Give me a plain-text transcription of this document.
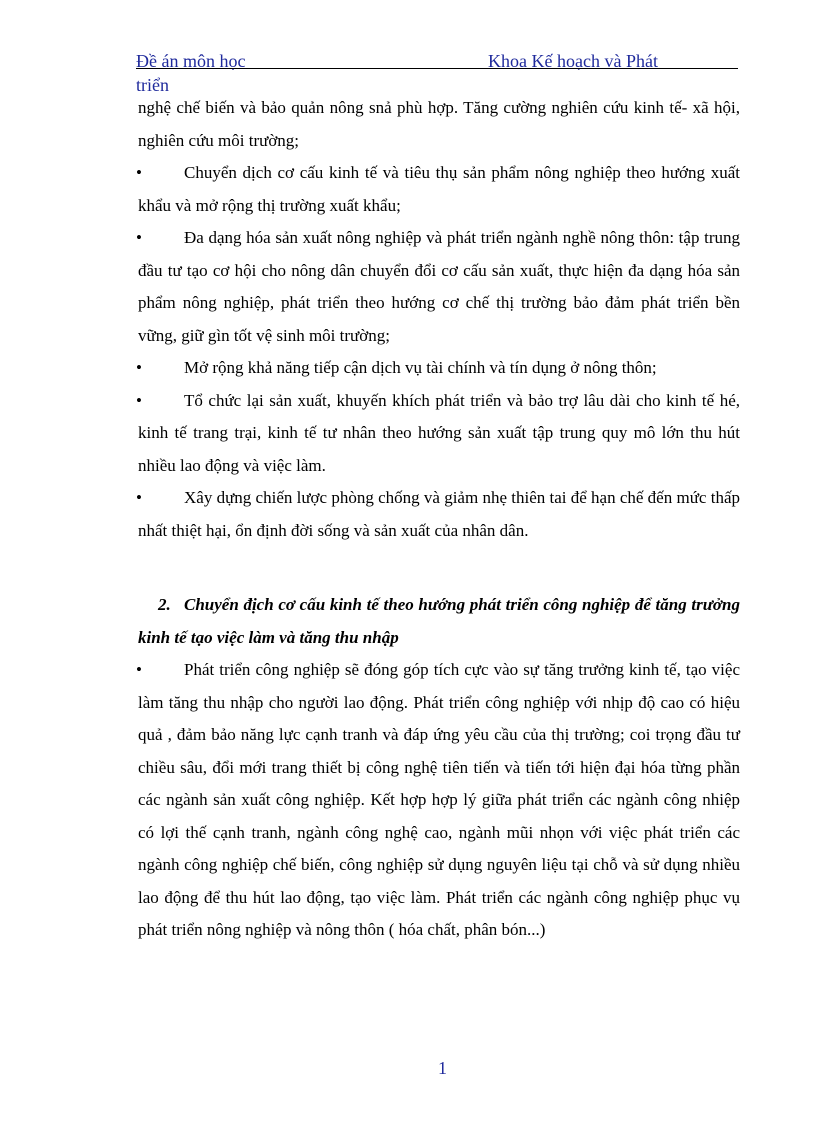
Đề án môn học	Khoa Kế hoạch và Phát
triển

nghệ chế biến và bảo quản nông snả phù hợp. Tăng cường nghiên cứu kinh tế- xã hội, nghiên cứu môi trường;

• Chuyển dịch cơ cấu kinh tế và tiêu thụ sản phẩm nông nghiệp theo hướng xuất khẩu và mở rộng thị trường xuất khẩu;

• Đa dạng hóa sản xuất nông nghiệp và phát triển ngành nghề nông thôn: tập trung đầu tư tạo cơ hội cho nông dân chuyển đổi cơ cấu sản xuất, thực hiện đa dạng hóa sản phẩm nông nghiệp, phát triển theo hướng cơ chế thị trường bảo đảm phát triển bền vững, giữ gìn tốt vệ sinh môi trường;

• Mở rộng khả năng tiếp cận dịch vụ tài chính và tín dụng ở nông thôn;

• Tổ chức lại sản xuất, khuyến khích phát triển và bảo trợ lâu dài cho kinh tế hé, kinh tế trang trại, kinh tế tư nhân theo hướng sản xuất tập trung quy mô lớn thu hút nhiều lao động và việc làm.

• Xây dựng chiến lược phòng chống và giảm nhẹ thiên tai để hạn chế đến mức thấp nhất thiệt hại, ổn định đời sống và sản xuất của nhân dân.

2. Chuyển địch cơ cấu kinh tế theo hướng phát triển công nghiệp để tăng trưởng kinh tế tạo việc làm và tăng thu nhập

• Phát triển công nghiệp sẽ đóng góp tích cực vào sự tăng trưởng kinh tế, tạo việc làm tăng thu nhập cho người lao động. Phát triển công nghiệp với nhịp độ cao có hiệu quả , đảm bảo năng lực cạnh tranh và đáp ứng yêu cầu của thị trường; coi trọng đầu tư chiều sâu, đổi mới trang thiết bị công nghệ tiên tiến và tiến tới hiện đại hóa từng phần các ngành sản xuất công nghiệp. Kết hợp hợp lý giữa phát triển các ngành công nhiệp có lợi thế cạnh tranh, ngành công nghệ cao, ngành mũi nhọn với việc phát triển các ngành công nghiệp chế biến, công nghiệp sử dụng nguyên liệu tại chỗ và sử dụng nhiều lao động để thu hút lao động, tạo việc làm. Phát triển các ngành công nghiệp phục vụ phát triển nông nghiệp và nông thôn ( hóa chất, phân bón...)

1
